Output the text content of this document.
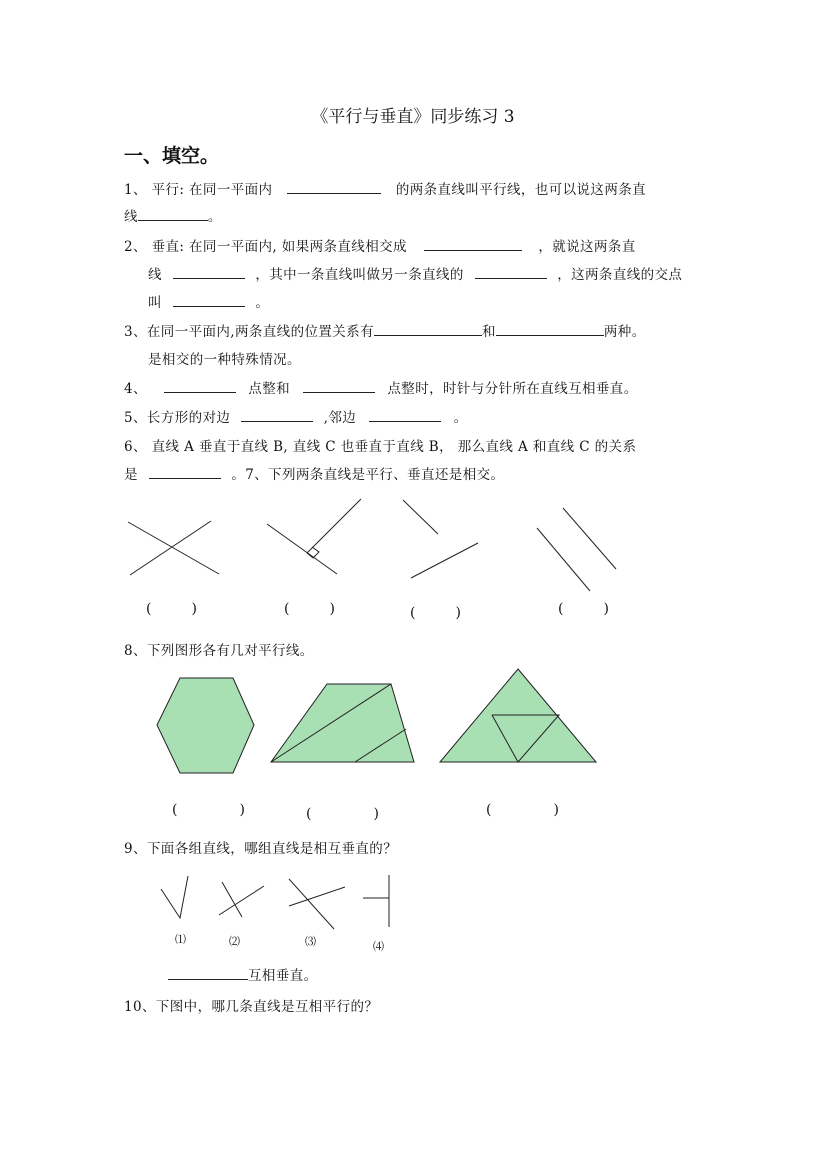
《平行与垂直》同步练习 3
一、填空。
1、 平行: 在同一平面内	的两条直线叫平行线，也可以说这两条直
线	。
2、 垂直: 在同一平面内, 如果两条直线相交成	，就说这两条直
线	，其中一条直线叫做另一条直线的	，这两条直线的交点
叫	。
3、在同一平面内,两条直线的位置关系有	和	两种。
是相交的一种特殊情况。
4、	点整和	点整时，时针与分针所在直线互相垂直。
5、长方形的对边	,邻边	。
6、 直线 A 垂直于直线 B, 直线 C 也垂直于直线 B， 那么直线 A 和直线 C 的关系
是	。7、下列两条直线是平行、垂直还是相交。
(	)	(	)	(	)	(	)
8、下列图形各有几对平行线。
(	)	(	)	(	)
9、下面各组直线，哪组直线是相互垂直的？
⑴	⑵	⑶	⑷
互相垂直。
10、下图中，哪几条直线是互相平行的？
